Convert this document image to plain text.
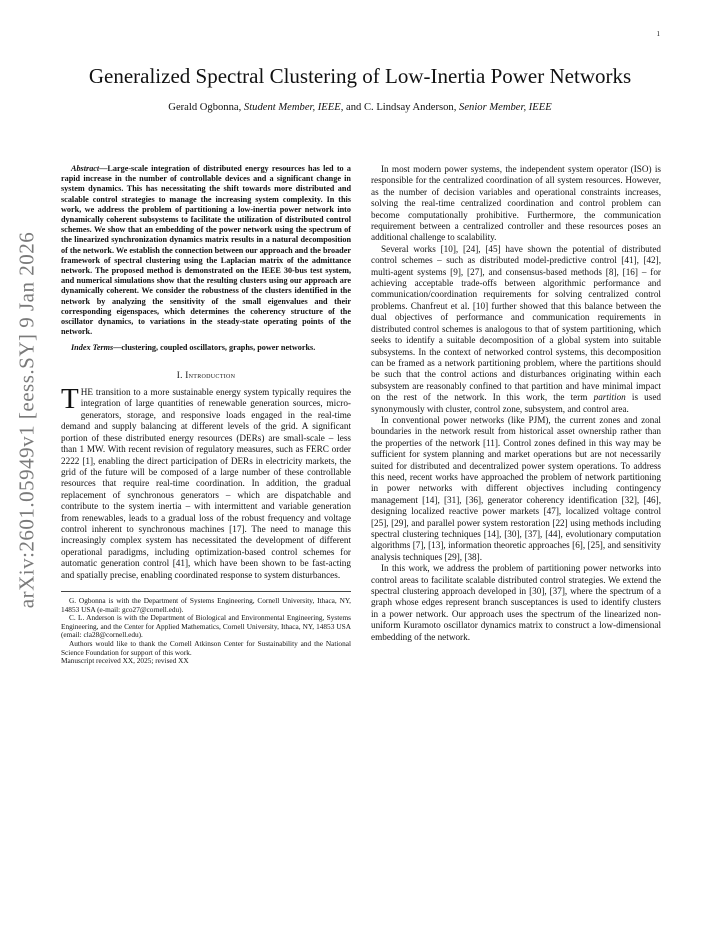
1
arXiv:2601.05949v1 [eess.SY] 9 Jan 2026
Generalized Spectral Clustering of Low-Inertia Power Networks
Gerald Ogbonna, Student Member, IEEE, and C. Lindsay Anderson, Senior Member, IEEE
Abstract—Large-scale integration of distributed energy resources has led to a rapid increase in the number of controllable devices and a significant change in system dynamics. This has necessitating the shift towards more distributed and scalable control strategies to manage the increasing system complexity. In this work, we address the problem of partitioning a low-inertia power network into dynamically coherent subsystems to facilitate the utilization of distributed control schemes. We show that an embedding of the power network using the spectrum of the linearized synchronization dynamics matrix results in a natural decomposition of the network. We establish the connection between our approach and the broader framework of spectral clustering using the Laplacian matrix of the admittance network. The proposed method is demonstrated on the IEEE 30-bus test system, and numerical simulations show that the resulting clusters using our approach are dynamically coherent. We consider the robustness of the clusters identified in the network by analyzing the sensitivity of the small eigenvalues and their corresponding eigenspaces, which determines the coherency structure of the oscillator dynamics, to variations in the steady-state operating points of the network.
Index Terms—clustering, coupled oscillators, graphs, power networks.
I. Introduction

THE transition to a more sustainable energy system typically requires the integration of large quantities of renewable generation sources, micro-generators, storage, and responsive loads engaged in the real-time demand and supply balancing at different levels of the grid. A significant portion of these distributed energy resources (DERs) are small-scale – less than 1 MW. With recent revision of regulatory measures, such as FERC order 2222 [1], enabling the direct participation of DERs in electricity markets, the grid of the future will be composed of a large number of these controllable resources that require real-time coordination. In addition, the gradual replacement of synchronous generators – which are dispatchable and contribute to the system inertia – with intermittent and variable generation from renewables, leads to a gradual loss of the robust frequency and voltage control inherent to synchronous machines [17]. The need to manage this increasingly complex system has necessitated the development of different operational paradigms, including optimization-based control schemes for automatic generation control [41], which have been shown to be fast-acting and spatially precise, enabling coordinated response to system disturbances.

G. Ogbonna is with the Department of Systems Engineering, Cornell University, Ithaca, NY, 14853 USA (e-mail: gco27@cornell.edu).

C. L. Anderson is with the Department of Biological and Environmental Engineering, Systems Engineering, and the Center for Applied Mathematics, Cornell University, Ithaca, NY, 14853 USA (email: cla28@cornell.edu).

Authors would like to thank the Cornell Atkinson Center for Sustainability and the National Science Foundation for support of this work.

Manuscript received XX, 2025; revised XX

In most modern power systems, the independent system operator (ISO) is responsible for the centralized coordination of all system resources. However, as the number of decision variables and operational constraints increases, solving the real-time centralized coordination and control problem can become computationally prohibitive. Furthermore, the communication requirement between a centralized controller and these resources poses an additional challenge to scalability.

Several works [10], [24], [45] have shown the potential of distributed control schemes – such as distributed model-predictive control [41], [42], multi-agent systems [9], [27], and consensus-based methods [8], [16] – for achieving acceptable trade-offs between algorithmic performance and communication/coordination requirements for solving centralized control problems. Chanfreut et al. [10] further showed that this balance between the dual objectives of performance and communication requirements in distributed control schemes is analogous to that of system partitioning, which seeks to identify a suitable decomposition of a global system into suitable subsystems. In the context of networked control systems, this decomposition can be framed as a network partitioning problem, where the partitions should be such that the control actions and disturbances originating within each subsystem are reasonably confined to that partition and have minimal impact on the rest of the network. In this work, the term partition is used synonymously with cluster, control zone, subsystem, and control area.

In conventional power networks (like PJM), the current zones and zonal boundaries in the network result from historical asset ownership rather than the properties of the network [11]. Control zones defined in this way may be sufficient for system planning and market operations but are not necessarily suited for distributed and decentralized power system operations. To address this need, recent works have approached the problem of network partitioning in power networks with different objectives including contingency management [14], [31], [36], generator coherency identification [32], [46], designing localized reactive power markets [47], localized voltage control [25], [29], and parallel power system restoration [22] using methods including spectral clustering techniques [14], [30], [37], [44], evolutionary computation algorithms [7], [13], information theoretic approaches [6], [25], and sensitivity analysis techniques [29], [38].

In this work, we address the problem of partitioning power networks into control areas to facilitate scalable distributed control strategies. We extend the spectral clustering approach developed in [30], [37], where the spectrum of a graph whose edges represent branch susceptances is used to identify clusters in a power network. Our approach uses the spectrum of the linearized non-uniform Kuramoto oscillator dynamics matrix to construct a low-dimensional embedding of the network.
